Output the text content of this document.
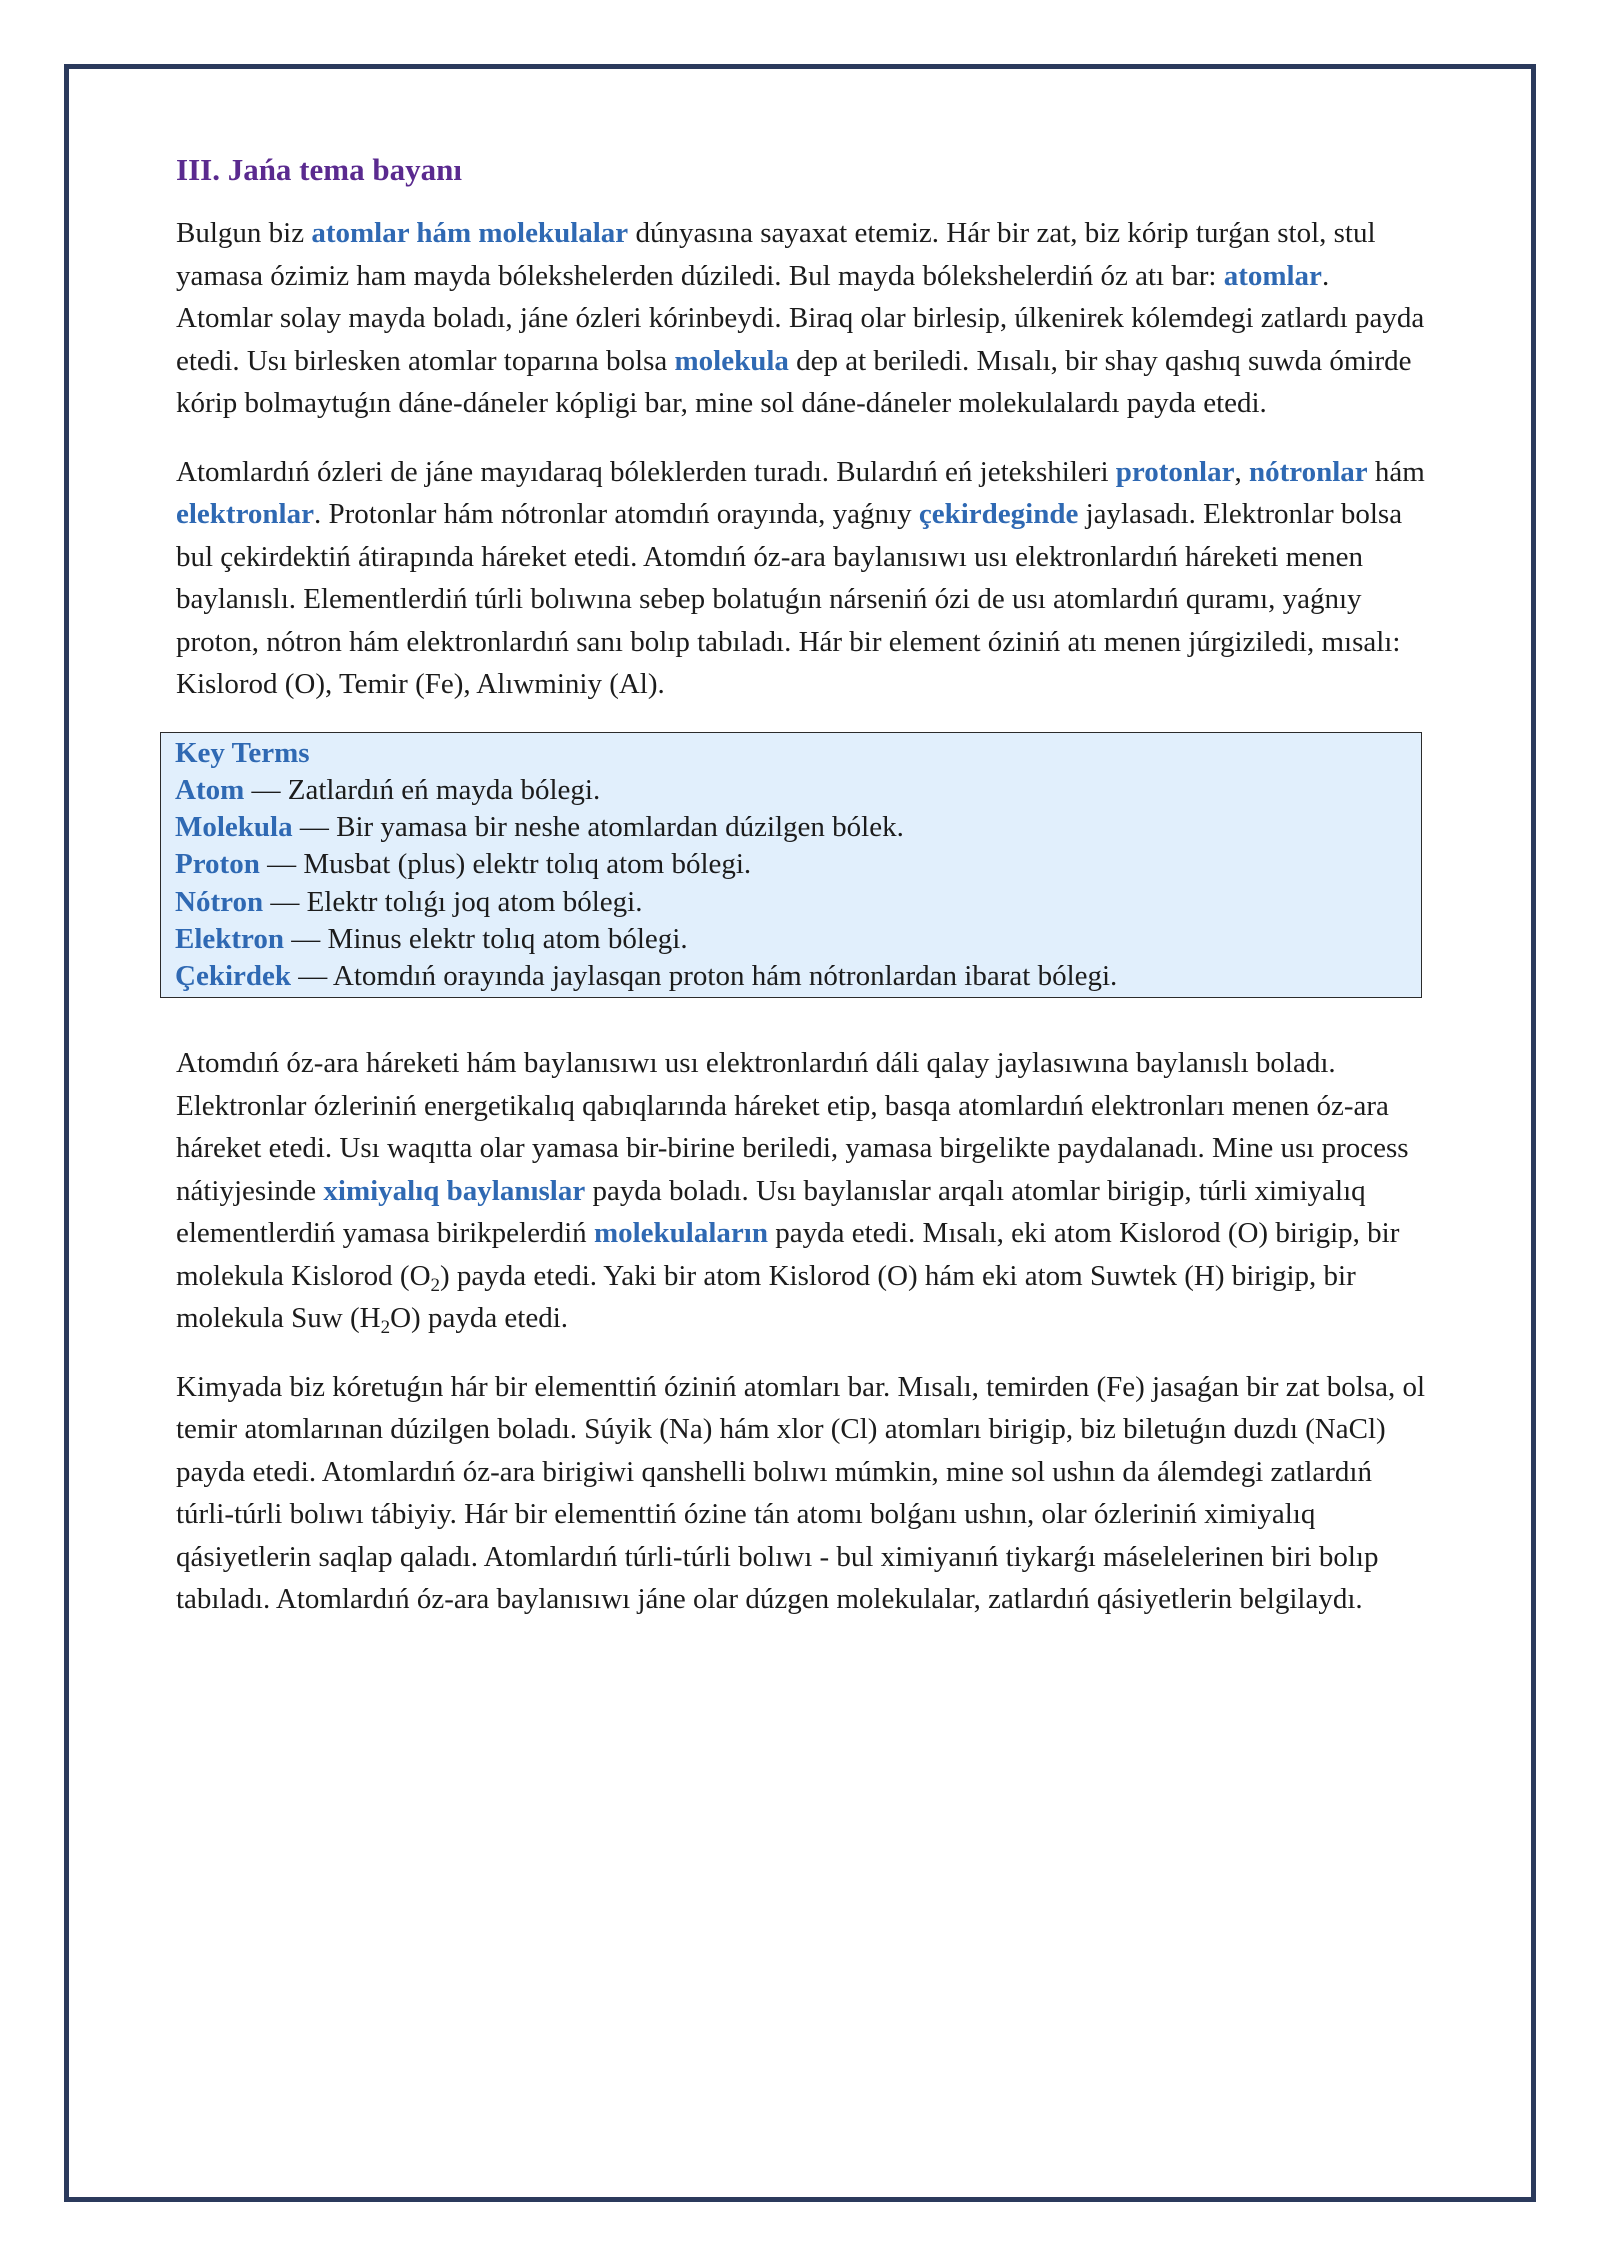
III. Jańa tema bayanı

Bulgun biz atomlar hám molekulalar dúnyasına sayaxat etemiz. Hár bir zat, biz kórip turǵan stol, stul yamasa ózimiz ham mayda bólekshelerden dúziledi. Bul mayda bólekshelerdiń óz atı bar: atomlar. Atomlar solay mayda boladı, jáne ózleri kórinbeydi. Biraq olar birlesip, úlkenirek kólemdegi zatlardı payda etedi. Usı birlesken atomlar toparına bolsa molekula dep at beriledi. Mısalı, bir shay qashıq suwda ómirde kórip bolmaytuǵın dáne-dáneler kópligi bar, mine sol dáne-dáneler molekulalardı payda etedi.

Atomlardıń ózleri de jáne mayıdaraq bóleklerden turadı. Bulardıń eń jetekshileri protonlar, nótronlar hám elektronlar. Protonlar hám nótronlar atomdıń orayında, yaǵnıy çekirdeginde jaylasadı. Elektronlar bolsa bul çekirdektiń átirapında háreket etedi. Atomdıń óz-ara baylanısıwı usı elektronlardıń háreketi menen baylanıslı. Elementlerdiń túrli bolıwına sebep bolatuǵın nárseniń ózi de usı atomlardıń quramı, yaǵnıy proton, nótron hám elektronlardıń sanı bolıp tabıladı. Hár bir element óziniń atı menen júrgiziledi, mısalı: Kislorod (O), Temir (Fe), Alıwminiy (Al).

Key Terms
Atom — Zatlardıń eń mayda bólegi.
Molekula — Bir yamasa bir neshe atomlardan dúzilgen bólek.
Proton — Musbat (plus) elektr tolıq atom bólegi.
Nótron — Elektr tolıǵı joq atom bólegi.
Elektron — Minus elektr tolıq atom bólegi.
Çekirdek — Atomdıń orayında jaylasqan proton hám nótronlardan ibarat bólegi.

Atomdıń óz-ara háreketi hám baylanısıwı usı elektronlardıń dáli qalay jaylasıwına baylanıslı boladı. Elektronlar ózleriniń energetikalıq qabıqlarında háreket etip, basqa atomlardıń elektronları menen óz-ara háreket etedi. Usı waqıtta olar yamasa bir-birine beriledi, yamasa birgelikte paydalanadı. Mine usı process nátiyjesinde ximiyalıq baylanıslar payda boladı. Usı baylanıslar arqalı atomlar birigip, túrli ximiyalıq elementlerdiń yamasa birikpelerdiń molekulaların payda etedi. Mısalı, eki atom Kislorod (O) birigip, bir molekula Kislorod $(O_2)$ payda etedi. Yaki bir atom Kislorod (O) hám eki atom Suwtek (H) birigip, bir molekula Suw $(H_2O)$ payda etedi.

Kimyada biz kóretuǵın hár bir elementtiń óziniń atomları bar. Mısalı, temirden (Fe) jasaǵan bir zat bolsa, ol temir atomlarınan dúzilgen boladı. Súyik (Na) hám xlor (Cl) atomları birigip, biz biletuǵın duzdı (NaCl) payda etedi. Atomlardıń óz-ara birigiwi qanshelli bolıwı múmkin, mine sol ushın da álemdegi zatlardıń túrli-túrli bolıwı tábiyiy. Hár bir elementtiń ózine tán atomı bolǵanı ushın, olar ózleriniń ximiyalıq qásiyetlerin saqlap qaladı. Atomlardıń túrli-túrli bolıwı - bul ximiyanıń tiykarǵı máselelerinen biri bolıp tabıladı. Atomlardıń óz-ara baylanısıwı jáne olar dúzgen molekulalar, zatlardıń qásiyetlerin belgilaydı.
